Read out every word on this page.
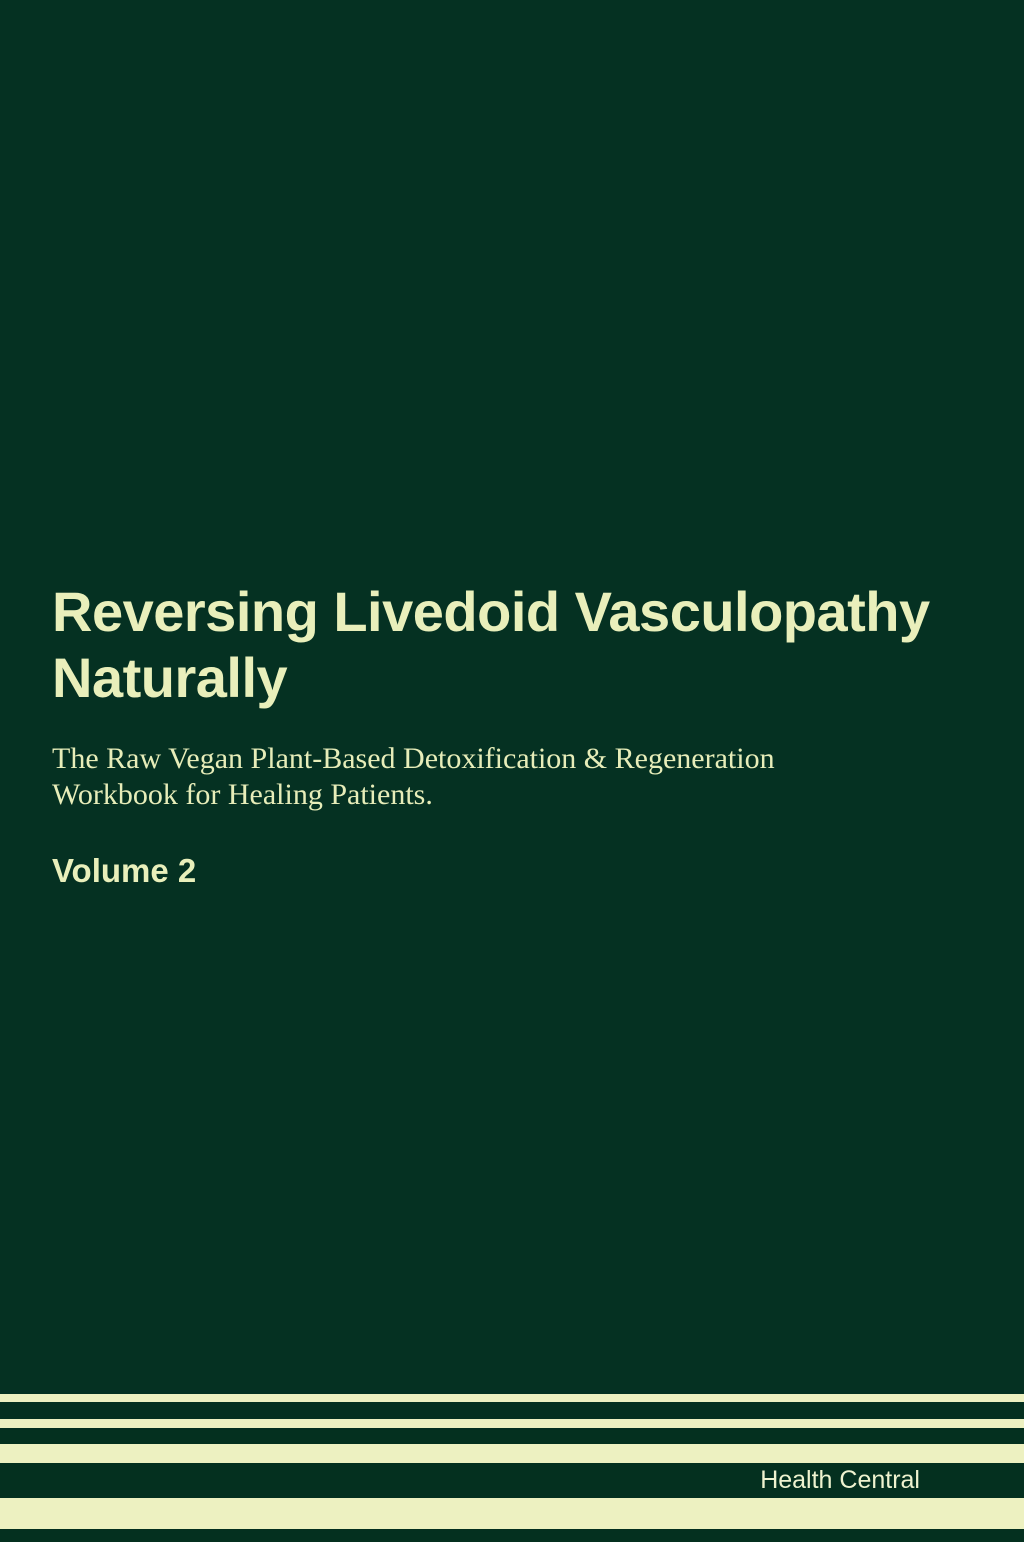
Reversing Livedoid Vasculopathy
Naturally
The Raw Vegan Plant-Based Detoxification & Regeneration
Workbook for Healing Patients.
Volume 2
Health Central
